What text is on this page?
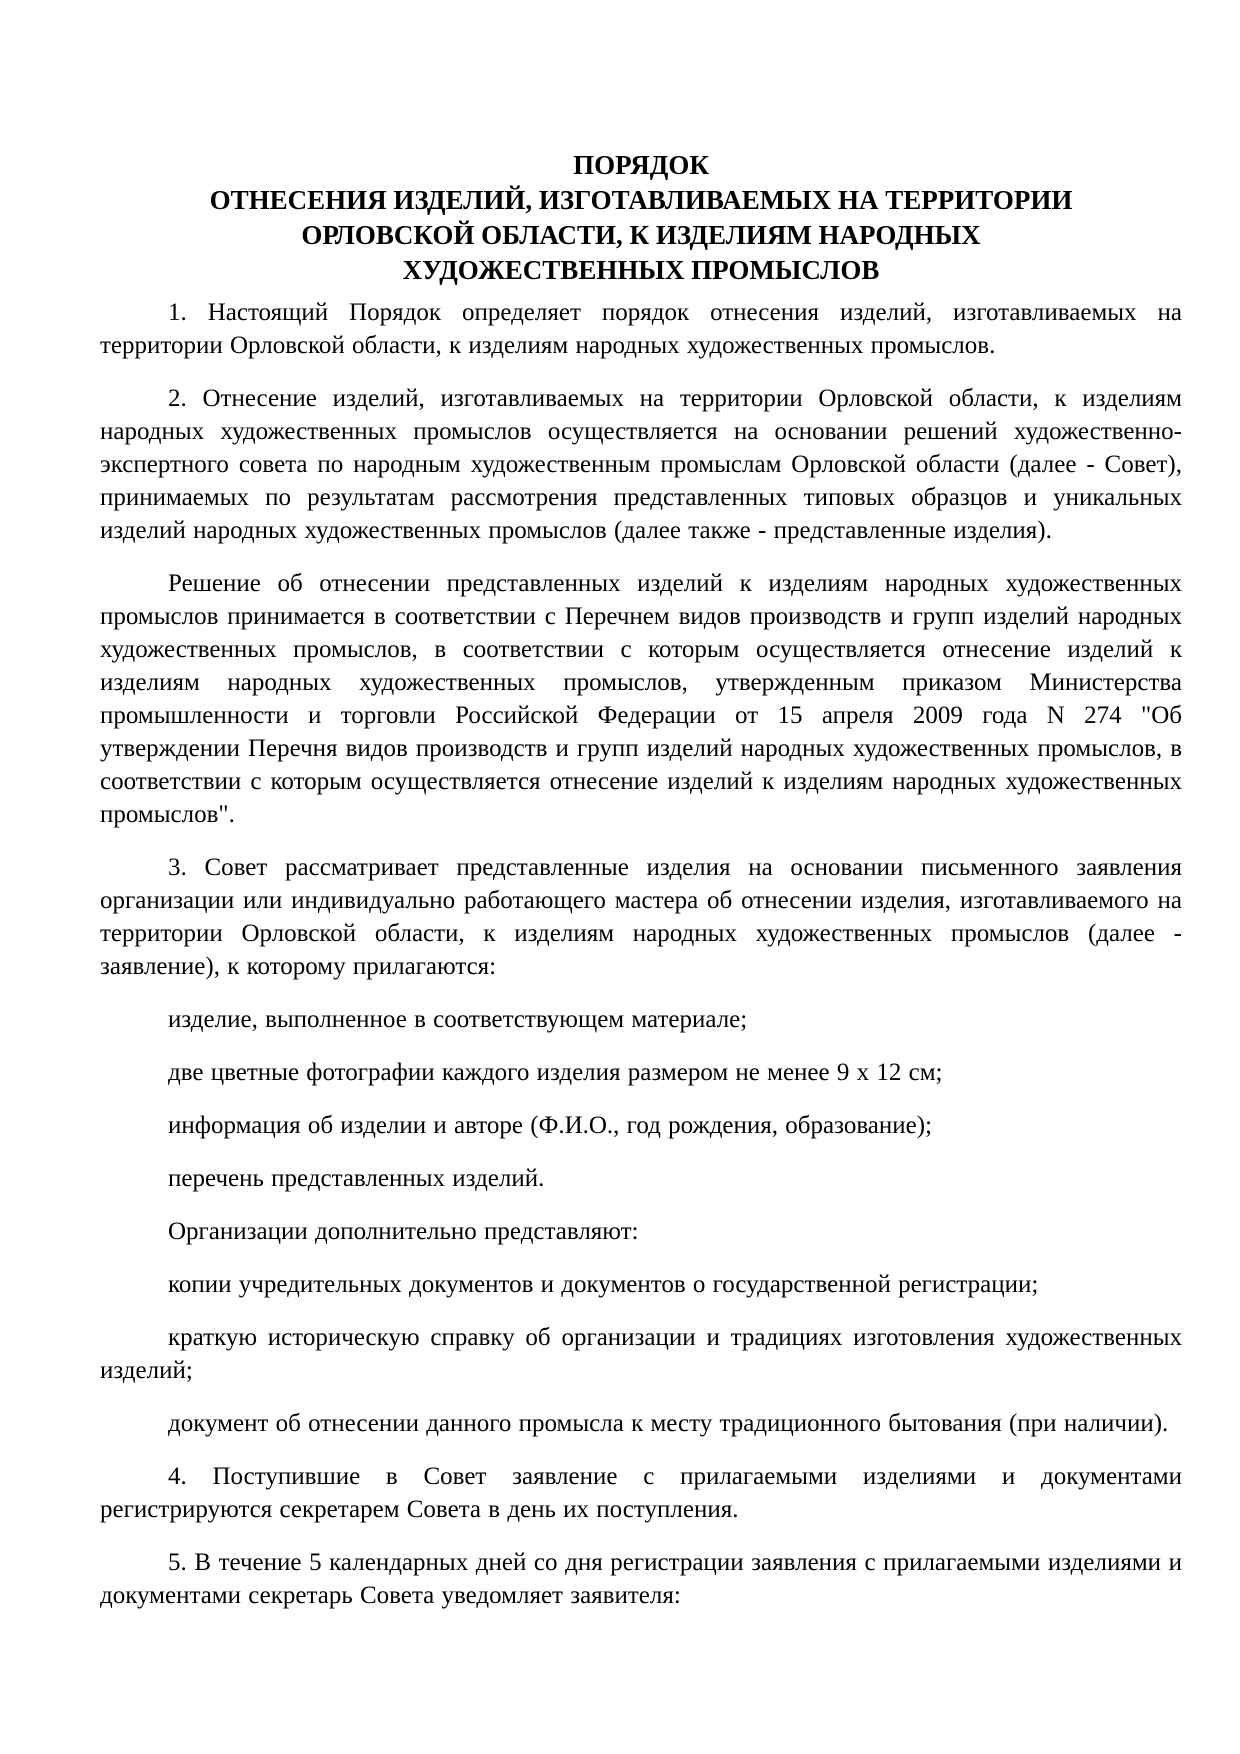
ПОРЯДОК
ОТНЕСЕНИЯ ИЗДЕЛИЙ, ИЗГОТАВЛИВАЕМЫХ НА ТЕРРИТОРИИ
ОРЛОВСКОЙ ОБЛАСТИ, К ИЗДЕЛИЯМ НАРОДНЫХ
ХУДОЖЕСТВЕННЫХ ПРОМЫСЛОВ

1. Настоящий Порядок определяет порядок отнесения изделий, изготавливаемых на территории Орловской области, к изделиям народных художественных промыслов.

2. Отнесение изделий, изготавливаемых на территории Орловской области, к изделиям народных художественных промыслов осуществляется на основании решений художественно-экспертного совета по народным художественным промыслам Орловской области (далее - Совет), принимаемых по результатам рассмотрения представленных типовых образцов и уникальных изделий народных художественных промыслов (далее также - представленные изделия).

Решение об отнесении представленных изделий к изделиям народных художественных промыслов принимается в соответствии с Перечнем видов производств и групп изделий народных художественных промыслов, в соответствии с которым осуществляется отнесение изделий к изделиям народных художественных промыслов, утвержденным приказом Министерства промышленности и торговли Российской Федерации от 15 апреля 2009 года N 274 "Об утверждении Перечня видов производств и групп изделий народных художественных промыслов, в соответствии с которым осуществляется отнесение изделий к изделиям народных художественных промыслов".

3. Совет рассматривает представленные изделия на основании письменного заявления организации или индивидуально работающего мастера об отнесении изделия, изготавливаемого на территории Орловской области, к изделиям народных художественных промыслов (далее - заявление), к которому прилагаются:

изделие, выполненное в соответствующем материале;

две цветные фотографии каждого изделия размером не менее 9 х 12 см;

информация об изделии и авторе (Ф.И.О., год рождения, образование);

перечень представленных изделий.

Организации дополнительно представляют:

копии учредительных документов и документов о государственной регистрации;

краткую историческую справку об организации и традициях изготовления художественных изделий;

документ об отнесении данного промысла к месту традиционного бытования (при наличии).

4. Поступившие в Совет заявление с прилагаемыми изделиями и документами регистрируются секретарем Совета в день их поступления.

5. В течение 5 календарных дней со дня регистрации заявления с прилагаемыми изделиями и документами секретарь Совета уведомляет заявителя:
